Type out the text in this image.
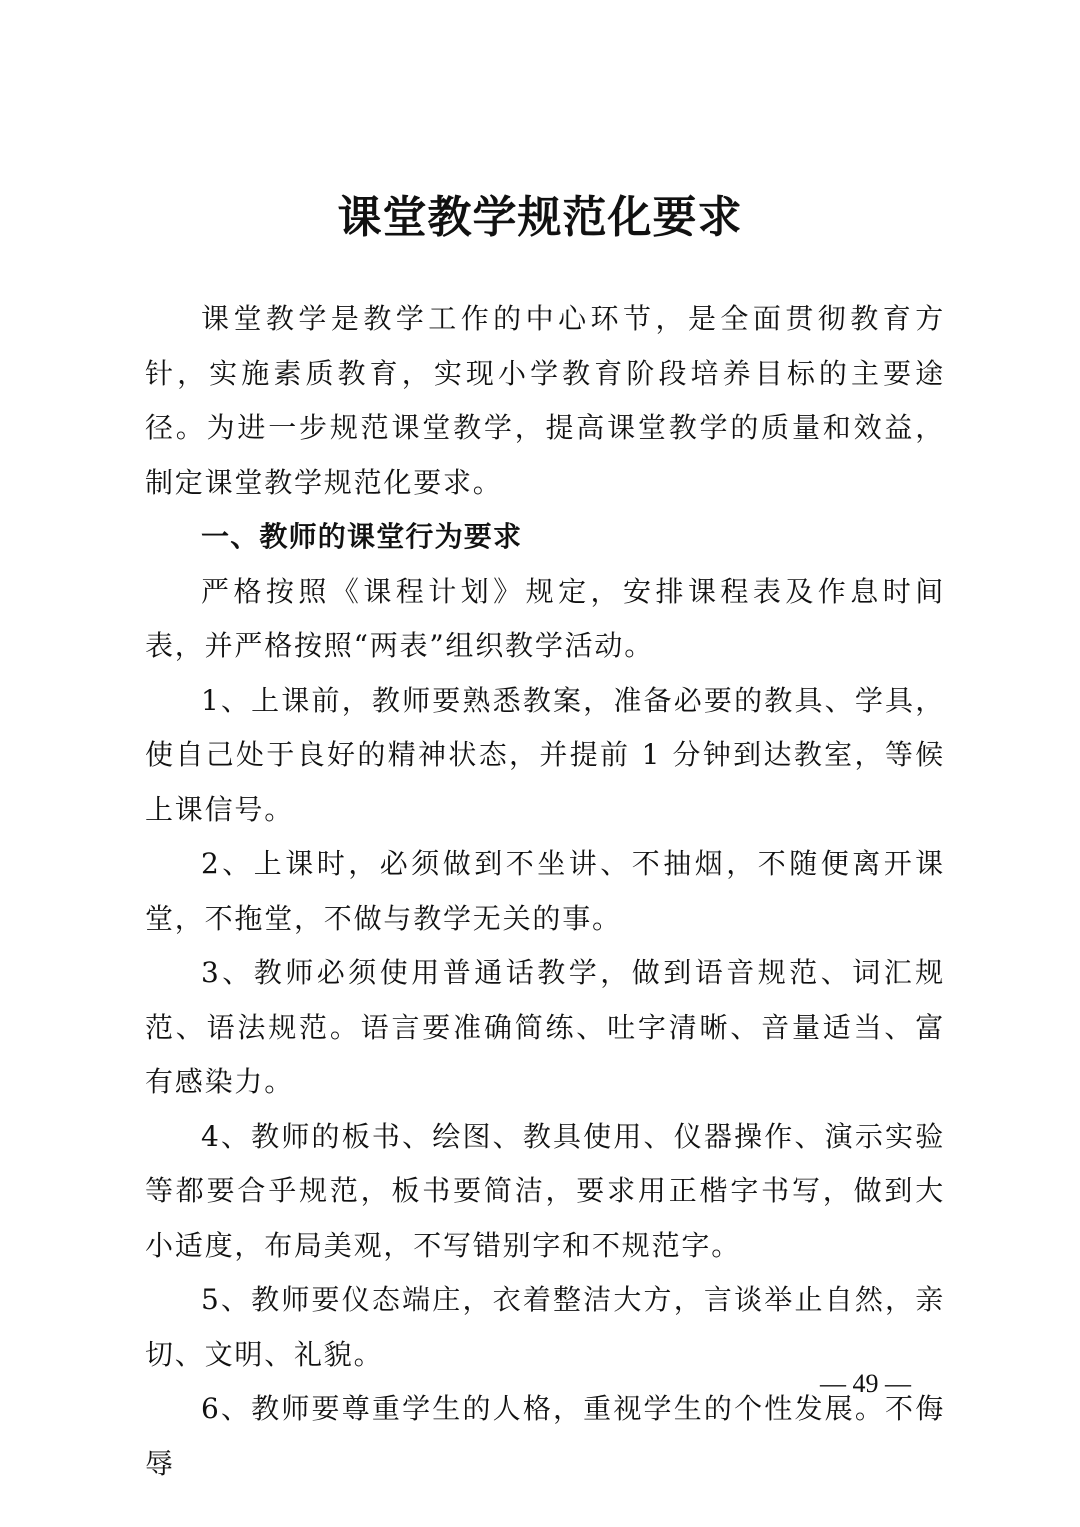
课堂教学规范化要求

课堂教学是教学工作的中心环节，是全面贯彻教育方针，实施素质教育，实现小学教育阶段培养目标的主要途径。为进一步规范课堂教学，提高课堂教学的质量和效益，制定课堂教学规范化要求。

一、教师的课堂行为要求

严格按照《课程计划》规定，安排课程表及作息时间表，并严格按照“两表”组织教学活动。

1、上课前，教师要熟悉教案，准备必要的教具、学具，使自己处于良好的精神状态，并提前 1 分钟到达教室，等候上课信号。

2、上课时，必须做到不坐讲、不抽烟，不随便离开课堂，不拖堂，不做与教学无关的事。

3、教师必须使用普通话教学，做到语音规范、词汇规范、语法规范。语言要准确简练、吐字清晰、音量适当、富有感染力。

4、教师的板书、绘图、教具使用、仪器操作、演示实验等都要合乎规范，板书要简洁，要求用正楷字书写，做到大小适度，布局美观，不写错别字和不规范字。

5、教师要仪态端庄，衣着整洁大方，言谈举止自然，亲切、文明、礼貌。

6、教师要尊重学生的人格，重视学生的个性发展。不侮辱

— 49 —
